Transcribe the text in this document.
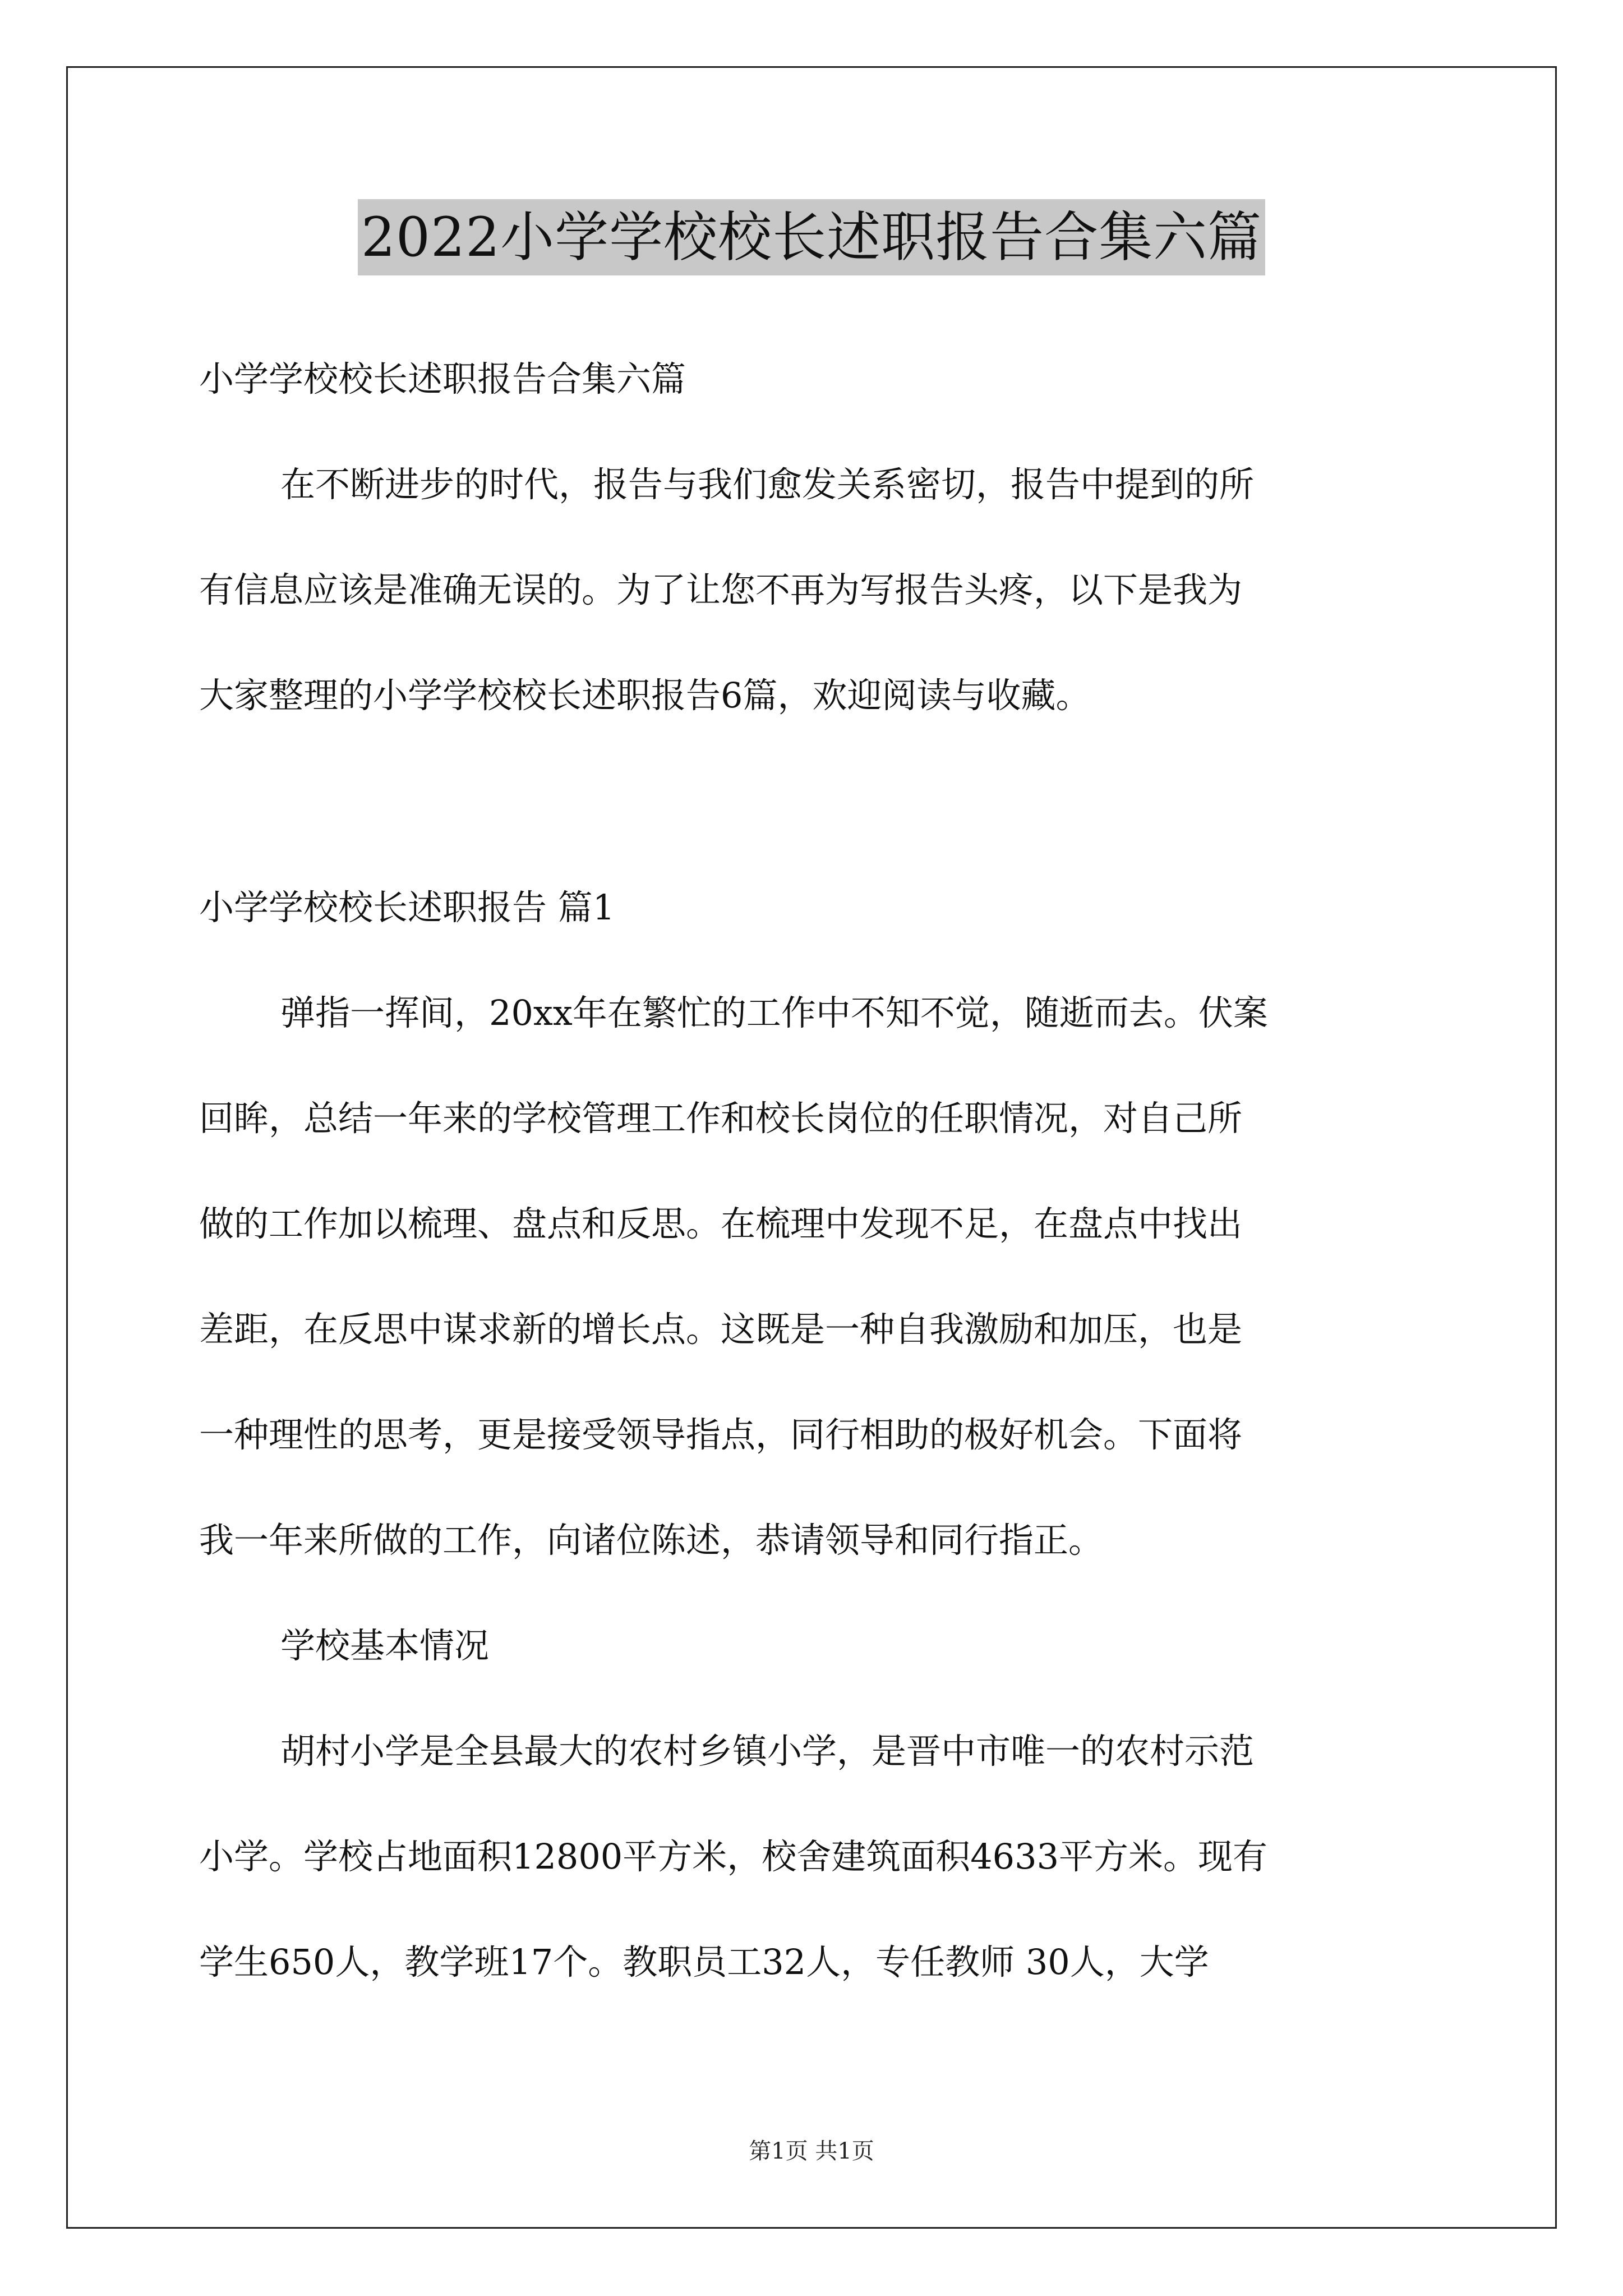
2022小学学校校长述职报告合集六篇
小学学校校长述职报告合集六篇
在不断进步的时代，报告与我们愈发关系密切，报告中提到的所
有信息应该是准确无误的。为了让您不再为写报告头疼，以下是我为
大家整理的小学学校校长述职报告6篇，欢迎阅读与收藏。
小学学校校长述职报告 篇1
弹指一挥间，20xx年在繁忙的工作中不知不觉，随逝而去。伏案
回眸，总结一年来的学校管理工作和校长岗位的任职情况，对自己所
做的工作加以梳理、盘点和反思。在梳理中发现不足，在盘点中找出
差距，在反思中谋求新的增长点。这既是一种自我激励和加压，也是
一种理性的思考，更是接受领导指点，同行相助的极好机会。下面将
我一年来所做的工作，向诸位陈述，恭请领导和同行指正。
学校基本情况
胡村小学是全县最大的农村乡镇小学，是晋中市唯一的农村示范
小学。学校占地面积12800平方米，校舍建筑面积4633平方米。现有
学生650人，教学班17个。教职员工32人，专任教师 30人，大学
第1页 共1页
